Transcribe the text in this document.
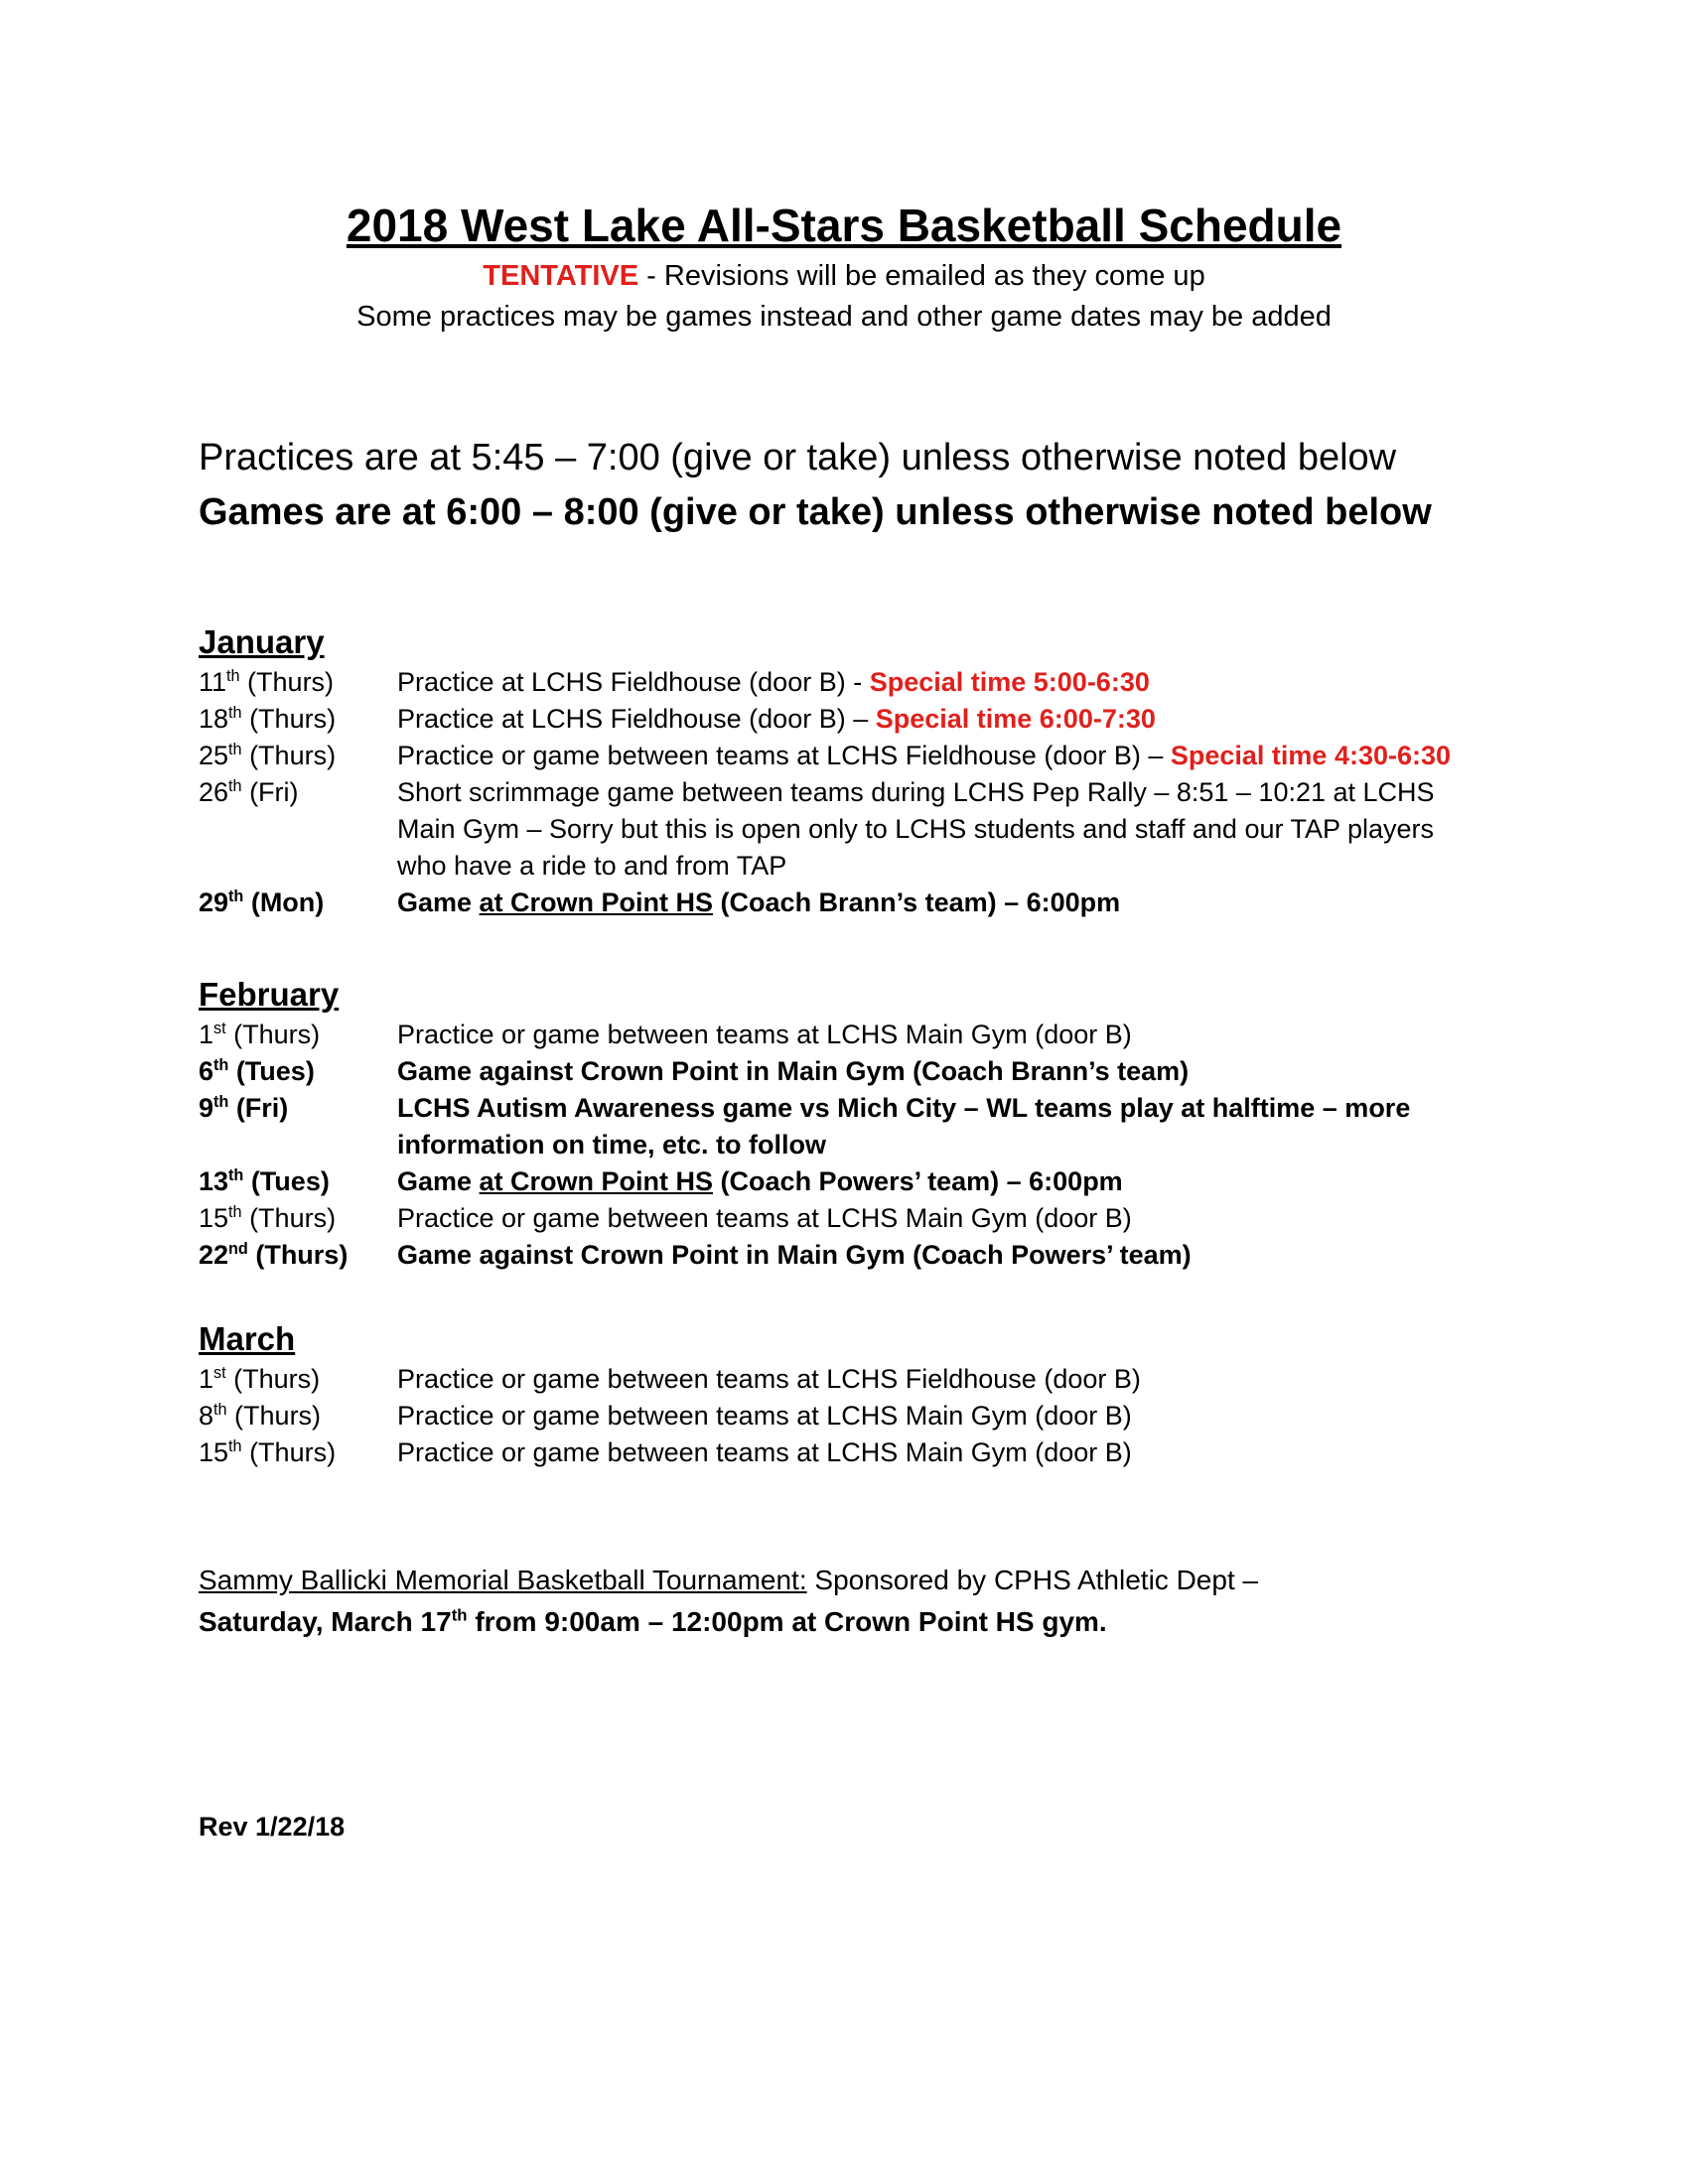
2018 West Lake All-Stars Basketball Schedule
TENTATIVE - Revisions will be emailed as they come up
Some practices may be games instead and other game dates may be added
Practices are at 5:45 – 7:00 (give or take) unless otherwise noted below
Games are at 6:00 – 8:00 (give or take) unless otherwise noted below
January
11th (Thurs)	Practice at LCHS Fieldhouse (door B) - Special time 5:00-6:30
18th (Thurs)	Practice at LCHS Fieldhouse (door B) – Special time 6:00-7:30
25th (Thurs)	Practice or game between teams at LCHS Fieldhouse (door B) – Special time 4:30-6:30
26th (Fri)	Short scrimmage game between teams during LCHS Pep Rally – 8:51 – 10:21 at LCHS Main Gym – Sorry but this is open only to LCHS students and staff and our TAP players who have a ride to and from TAP
29th (Mon)	Game at Crown Point HS (Coach Brann’s team) – 6:00pm
February
1st (Thurs)	Practice or game between teams at LCHS Main Gym (door B)
6th (Tues)	Game against Crown Point in Main Gym (Coach Brann’s team)
9th (Fri)	LCHS Autism Awareness game vs Mich City – WL teams play at halftime – more information on time, etc. to follow
13th (Tues)	Game at Crown Point HS (Coach Powers’ team) – 6:00pm
15th (Thurs)	Practice or game between teams at LCHS Main Gym (door B)
22nd (Thurs)	Game against Crown Point in Main Gym (Coach Powers’ team)
March
1st (Thurs)	Practice or game between teams at LCHS Fieldhouse (door B)
8th (Thurs)	Practice or game between teams at LCHS Main Gym (door B)
15th (Thurs)	Practice or game between teams at LCHS Main Gym (door B)
Sammy Ballicki Memorial Basketball Tournament: Sponsored by CPHS Athletic Dept –
Saturday, March 17th from 9:00am – 12:00pm at Crown Point HS gym.
Rev 1/22/18
